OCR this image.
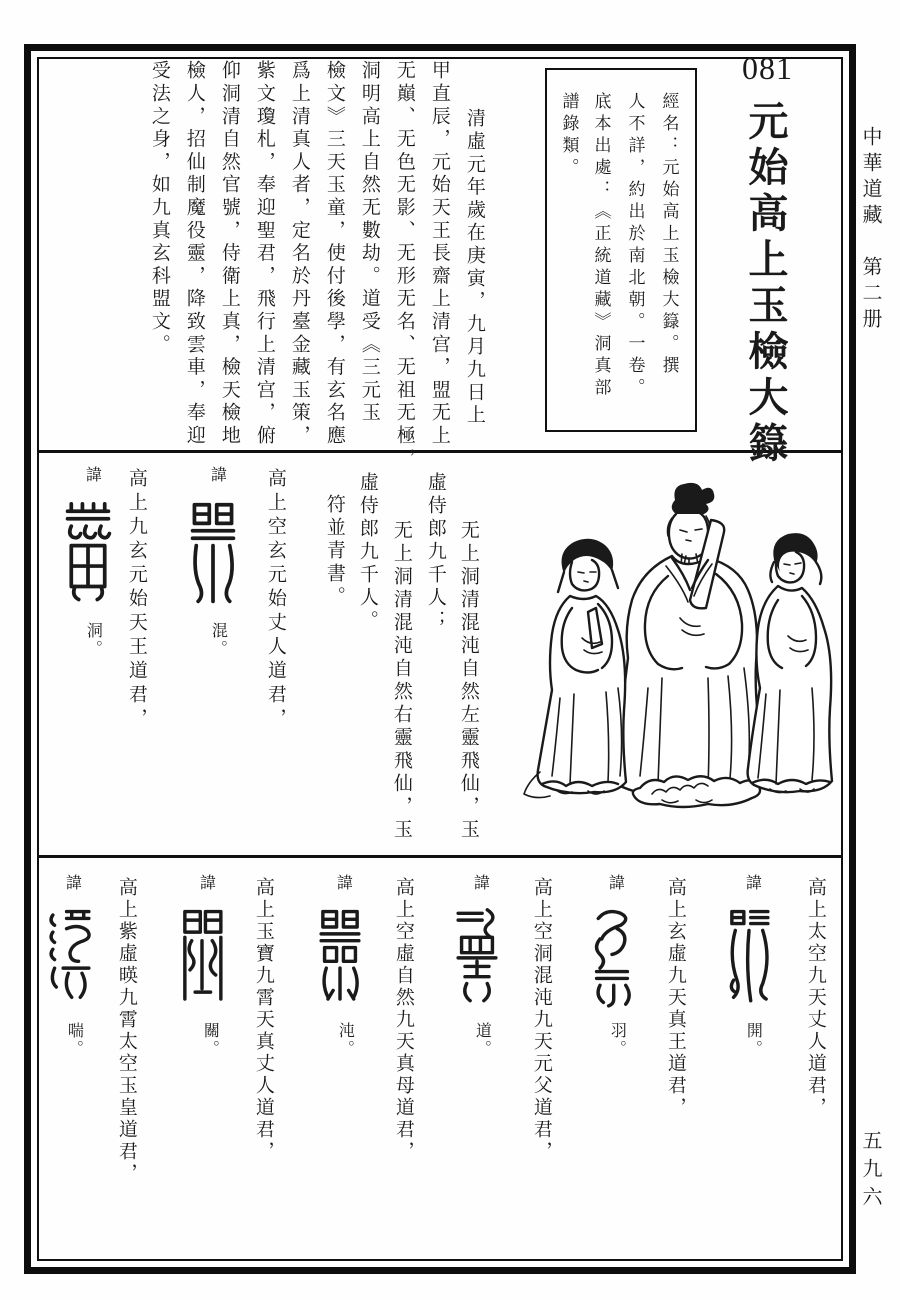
中華道藏　第二册
五九六
081
元始高上玉檢大籙
經名：元始高上玉檢大籙。撰
人不詳，約出於南北朝。一卷。
底本出處：《正統道藏》洞真部
譜錄類。
清虛元年歲在庚寅，九月九日上
甲直辰，元始天王長齋上清宫，盟无上
无巔、无色无影、无形无名、无祖无極，
洞明高上自然无數劫。道受《三元玉
檢文》三天玉童，使付後學，有玄名應
爲上清真人者，定名於丹臺金藏玉策，
紫文瓊札，奉迎聖君，飛行上清宫，俯
仰洞清自然官號，侍衛上真，檢天檢地
檢人，招仙制魔役靈，降致雲車，奉迎
受法之身，如九真玄科盟文。
无上洞清混沌自然左靈飛仙，玉
虛侍郎九千人；
无上洞清混沌自然右靈飛仙，玉
虛侍郎九千人。
符並青書。
高上空玄元始丈人道君，
諱
混。
高上九玄元始天王道君，
諱
洞。
高上太空九天丈人道君，
諱
開。
高上玄虛九天真王道君，
諱
羽。
高上空洞混沌九天元父道君，
諱
道。
高上空虛自然九天真母道君，
諱
沌。
高上玉寶九霄天真丈人道君，
諱
關。
高上紫虛暎九霄太空玉皇道君，
諱
喘。
